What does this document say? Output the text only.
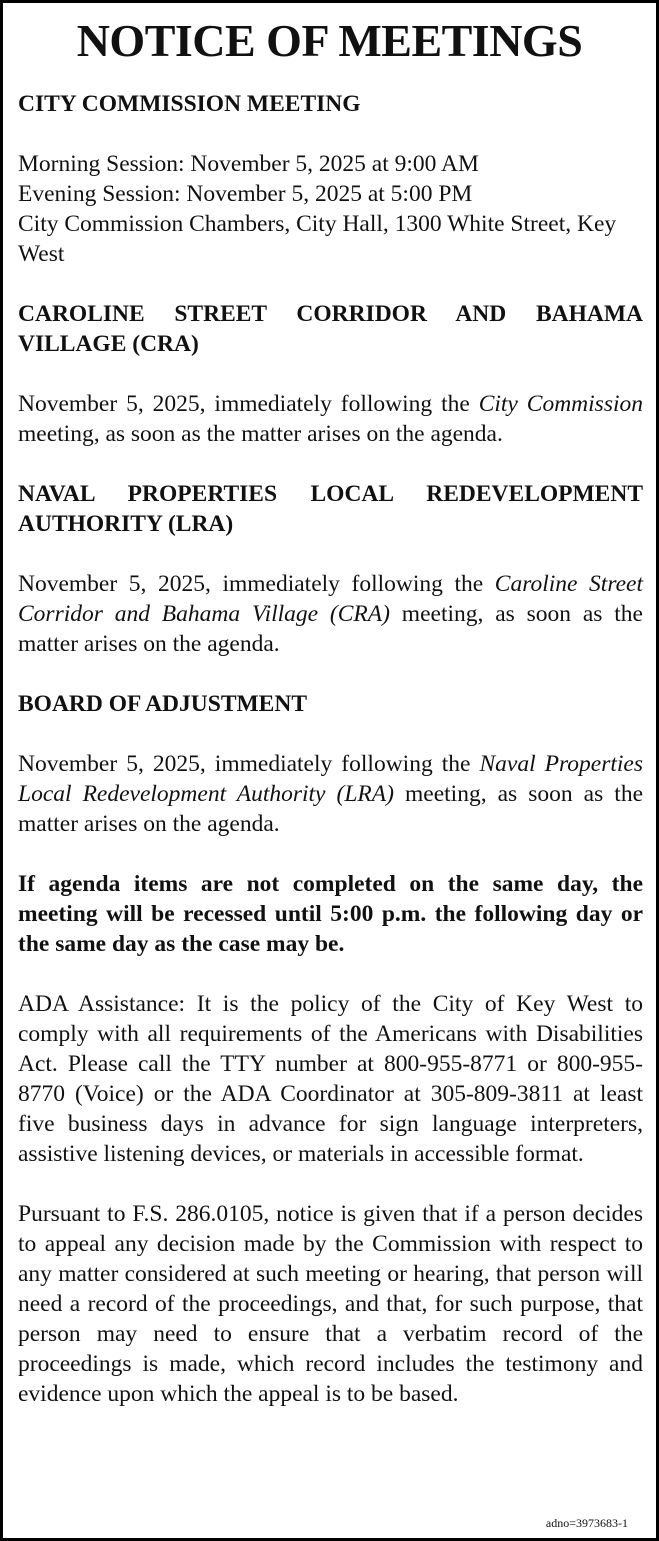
NOTICE OF MEETINGS
CITY COMMISSION MEETING
Morning Session: November 5, 2025 at 9:00 AM
Evening Session: November 5, 2025 at 5:00 PM
City Commission Chambers, City Hall, 1300 White Street, Key West
CAROLINE STREET CORRIDOR AND BAHAMA VILLAGE (CRA)

November 5, 2025, immediately following the City Commission meeting, as soon as the matter arises on the agenda.

NAVAL PROPERTIES LOCAL REDEVELOPMENT AUTHORITY (LRA)

November 5, 2025, immediately following the Caroline Street Corridor and Bahama Village (CRA) meeting, as soon as the matter arises on the agenda.

BOARD OF ADJUSTMENT

November 5, 2025, immediately following the Naval Properties Local Redevelopment Authority (LRA) meeting, as soon as the matter arises on the agenda.

If agenda items are not completed on the same day, the meeting will be recessed until 5:00 p.m. the following day or the same day as the case may be.

ADA Assistance: It is the policy of the City of Key West to comply with all requirements of the Americans with Disabilities Act. Please call the TTY number at 800-955-8771 or 800-955-8770 (Voice) or the ADA Coordinator at 305-809-3811 at least five business days in advance for sign language interpreters, assistive listening devices, or materials in accessible format.

Pursuant to F.S. 286.0105, notice is given that if a person decides to appeal any decision made by the Commission with respect to any matter considered at such meeting or hearing, that person will need a record of the proceedings, and that, for such purpose, that person may need to ensure that a verbatim record of the proceedings is made, which record includes the testimony and evidence upon which the appeal is to be based.

adno=3973683-1
